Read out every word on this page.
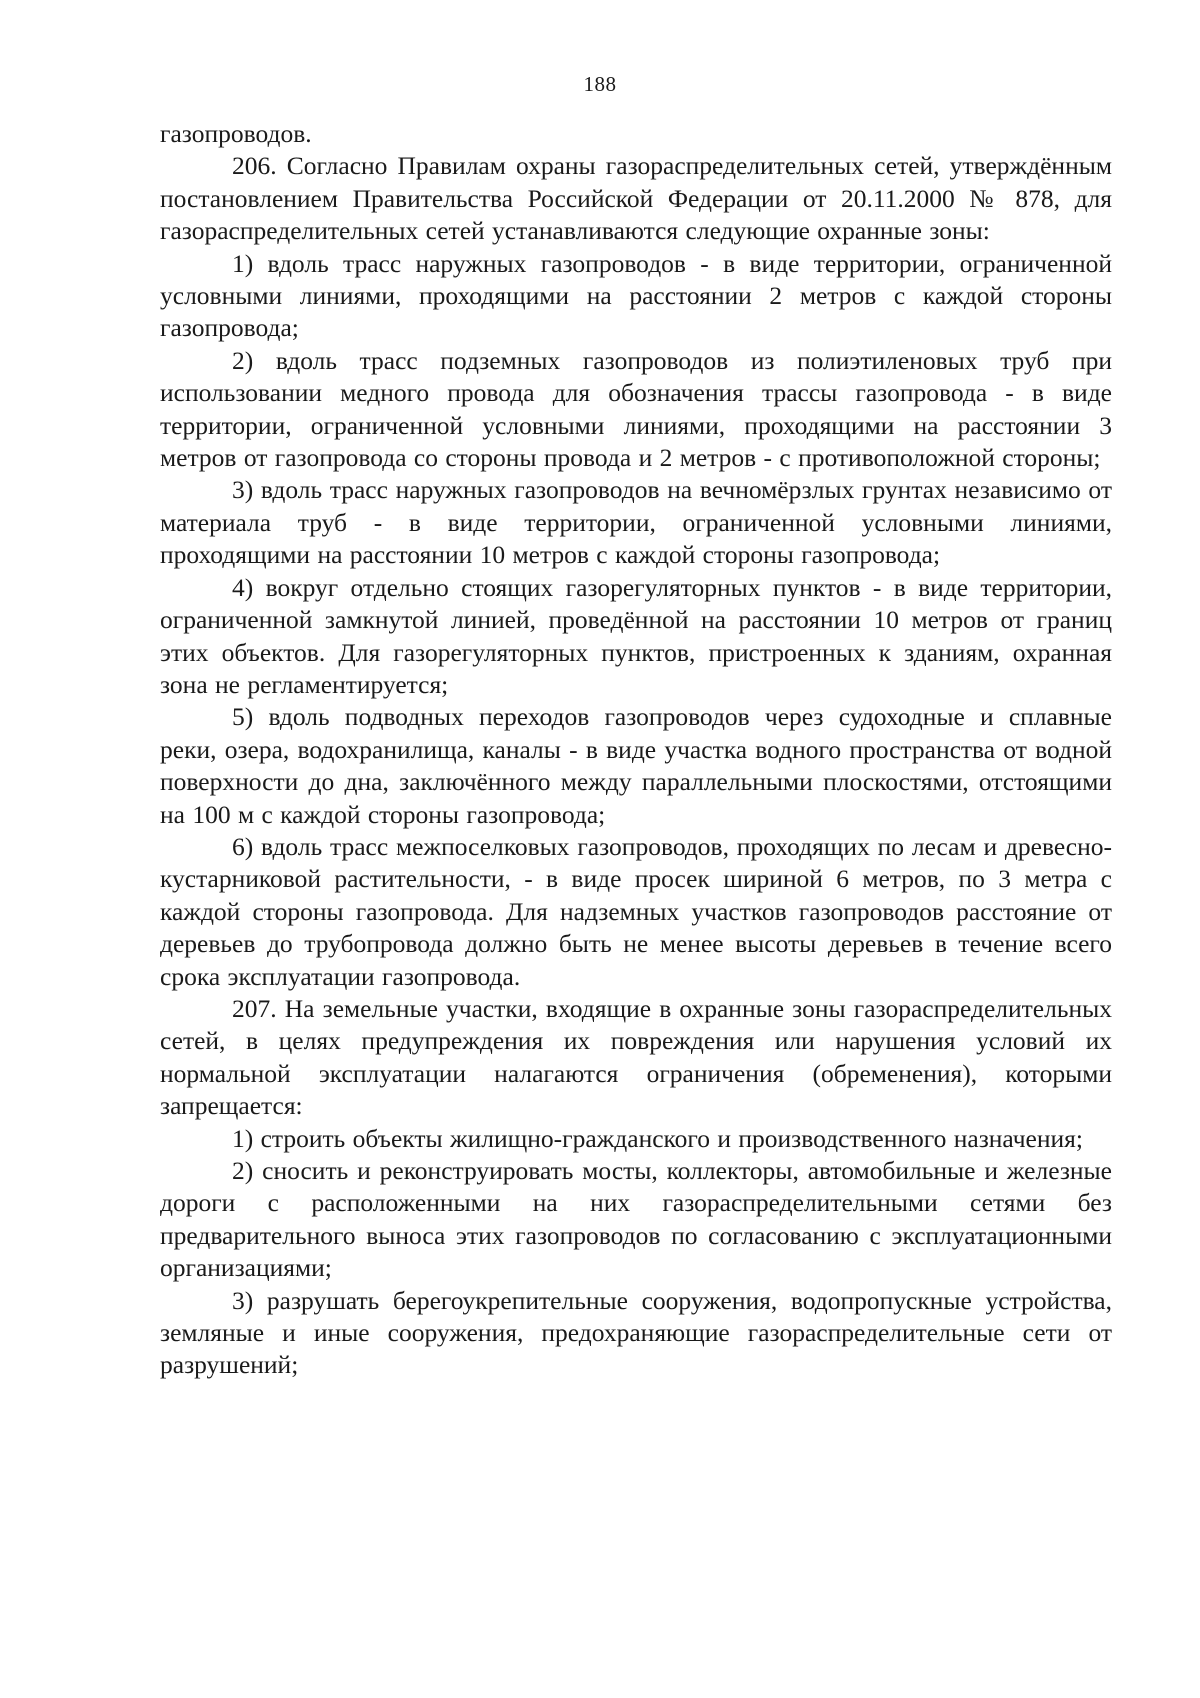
188

газопроводов.

206. Согласно Правилам охраны газораспределительных сетей, утверждённым постановлением Правительства Российской Федерации от 20.11.2000 № 878, для газораспределительных сетей устанавливаются следующие охранные зоны:

1) вдоль трасс наружных газопроводов - в виде территории, ограниченной условными линиями, проходящими на расстоянии 2 метров с каждой стороны газопровода;

2) вдоль трасс подземных газопроводов из полиэтиленовых труб при использовании медного провода для обозначения трассы газопровода - в виде территории, ограниченной условными линиями, проходящими на расстоянии 3 метров от газопровода со стороны провода и 2 метров - с противоположной стороны;

3) вдоль трасс наружных газопроводов на вечномёрзлых грунтах независимо от материала труб - в виде территории, ограниченной условными линиями, проходящими на расстоянии 10 метров с каждой стороны газопровода;

4) вокруг отдельно стоящих газорегуляторных пунктов - в виде территории, ограниченной замкнутой линией, проведённой на расстоянии 10 метров от границ этих объектов. Для газорегуляторных пунктов, пристроенных к зданиям, охранная зона не регламентируется;

5) вдоль подводных переходов газопроводов через судоходные и сплавные реки, озера, водохранилища, каналы - в виде участка водного пространства от водной поверхности до дна, заключённого между параллельными плоскостями, отстоящими на 100 м с каждой стороны газопровода;

6) вдоль трасс межпоселковых газопроводов, проходящих по лесам и древесно-кустарниковой растительности, - в виде просек шириной 6 метров, по 3 метра с каждой стороны газопровода. Для надземных участков газопроводов расстояние от деревьев до трубопровода должно быть не менее высоты деревьев в течение всего срока эксплуатации газопровода.

207. На земельные участки, входящие в охранные зоны газораспределительных сетей, в целях предупреждения их повреждения или нарушения условий их нормальной эксплуатации налагаются ограничения (обременения), которыми запрещается:

1) строить объекты жилищно-гражданского и производственного назначения;

2) сносить и реконструировать мосты, коллекторы, автомобильные и железные дороги с расположенными на них газораспределительными сетями без предварительного выноса этих газопроводов по согласованию с эксплуатационными организациями;

3) разрушать берегоукрепительные сооружения, водопропускные устройства, земляные и иные сооружения, предохраняющие газораспределительные сети от разрушений;
